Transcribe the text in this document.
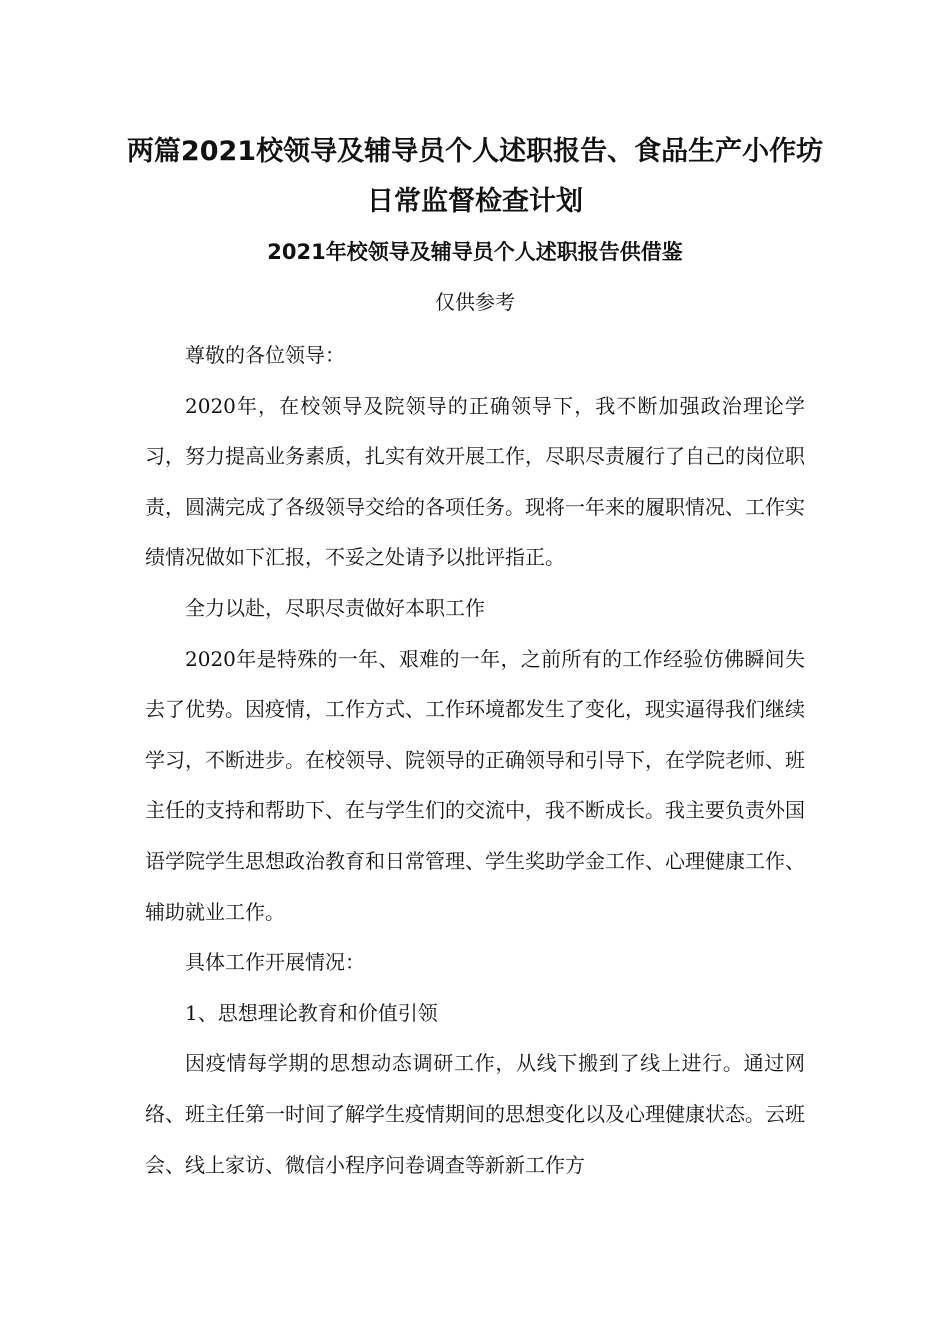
两篇2021校领导及辅导员个人述职报告、食品生产小作坊
日常监督检查计划
2021年校领导及辅导员个人述职报告供借鉴
仅供参考

尊敬的各位领导：

2020年，在校领导及院领导的正确领导下，我不断加强政治理论学习，努力提高业务素质，扎实有效开展工作，尽职尽责履行了自己的岗位职责，圆满完成了各级领导交给的各项任务。现将一年来的履职情况、工作实绩情况做如下汇报，不妥之处请予以批评指正。

全力以赴，尽职尽责做好本职工作

2020年是特殊的一年、艰难的一年，之前所有的工作经验仿佛瞬间失去了优势。因疫情，工作方式、工作环境都发生了变化，现实逼得我们继续学习，不断进步。在校领导、院领导的正确领导和引导下，在学院老师、班主任的支持和帮助下、在与学生们的交流中，我不断成长。我主要负责外国语学院学生思想政治教育和日常管理、学生奖助学金工作、心理健康工作、辅助就业工作。

具体工作开展情况：

1、思想理论教育和价值引领

因疫情每学期的思想动态调研工作，从线下搬到了线上进行。通过网络、班主任第一时间了解学生疫情期间的思想变化以及心理健康状态。云班会、线上家访、微信小程序问卷调查等新新工作方
